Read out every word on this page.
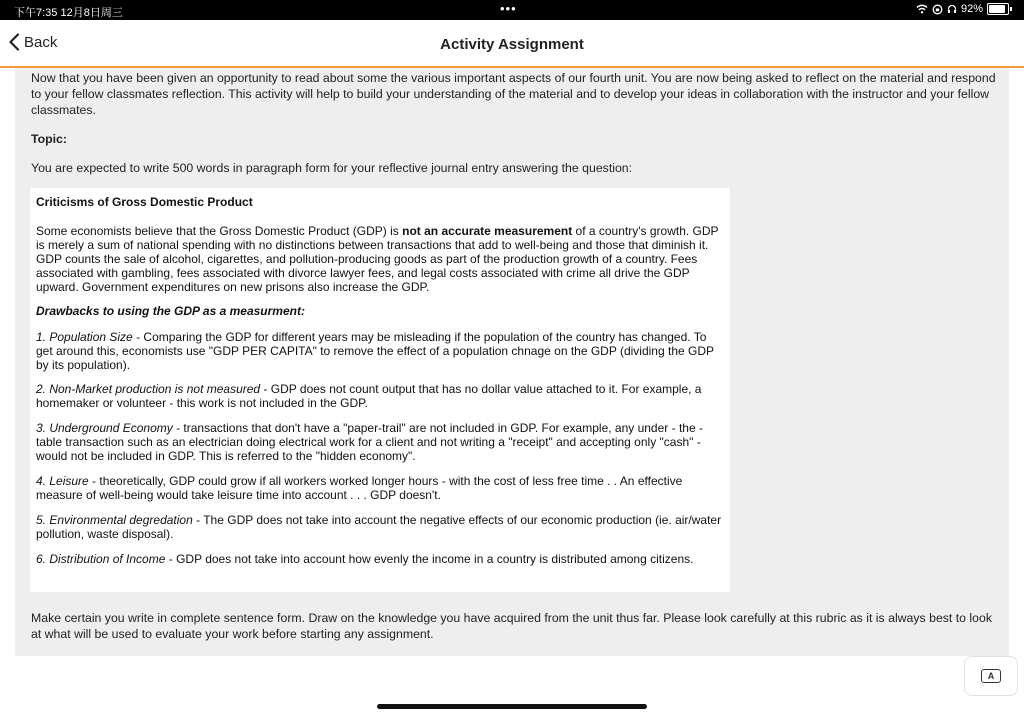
下午7:35 12月8日周三	•••	92%
Back	Activity Assignment

Now that you have been given an opportunity to read about some the various important aspects of our fourth unit. You are now being asked to reflect on the material and respond to your fellow classmates reflection. This activity will help to build your understanding of the material and to develop your ideas in collaboration with the instructor and your fellow classmates.

Topic:

You are expected to write 500 words in paragraph form for your reflective journal entry answering the question:

Criticisms of Gross Domestic Product

Some economists believe that the Gross Domestic Product (GDP) is not an accurate measurement of a country's growth. GDP is merely a sum of national spending with no distinctions between transactions that add to well-being and those that diminish it. GDP counts the sale of alcohol, cigarettes, and pollution-producing goods as part of the production growth of a country. Fees associated with gambling, fees associated with divorce lawyer fees, and legal costs associated with crime all drive the GDP upward. Government expenditures on new prisons also increase the GDP.

Drawbacks to using the GDP as a measurment:

1. Population Size - Comparing the GDP for different years may be misleading if the population of the country has changed. To get around this, economists use "GDP PER CAPITA" to remove the effect of a population chnage on the GDP (dividing the GDP by its population).

2. Non-Market production is not measured - GDP does not count output that has no dollar value attached to it. For example, a homemaker or volunteer - this work is not included in the GDP.

3. Underground Economy - transactions that don't have a "paper-trail" are not included in GDP. For example, any under - the - table transaction such as an electrician doing electrical work for a client and not writing a "receipt" and accepting only "cash" - would not be included in GDP. This is referred to the "hidden economy".

4. Leisure - theoretically, GDP could grow if all workers worked longer hours - with the cost of less free time . . An effective measure of well-being would take leisure time into account . . . GDP doesn't.

5. Environmental degredation - The GDP does not take into account the negative effects of our economic production (ie. air/water pollution, waste disposal).

6. Distribution of Income - GDP does not take into account how evenly the income in a country is distributed among citizens.

Make certain you write in complete sentence form. Draw on the knowledge you have acquired from the unit thus far. Please look carefully at this rubric as it is always best to look at what will be used to evaluate your work before starting any assignment.

A
